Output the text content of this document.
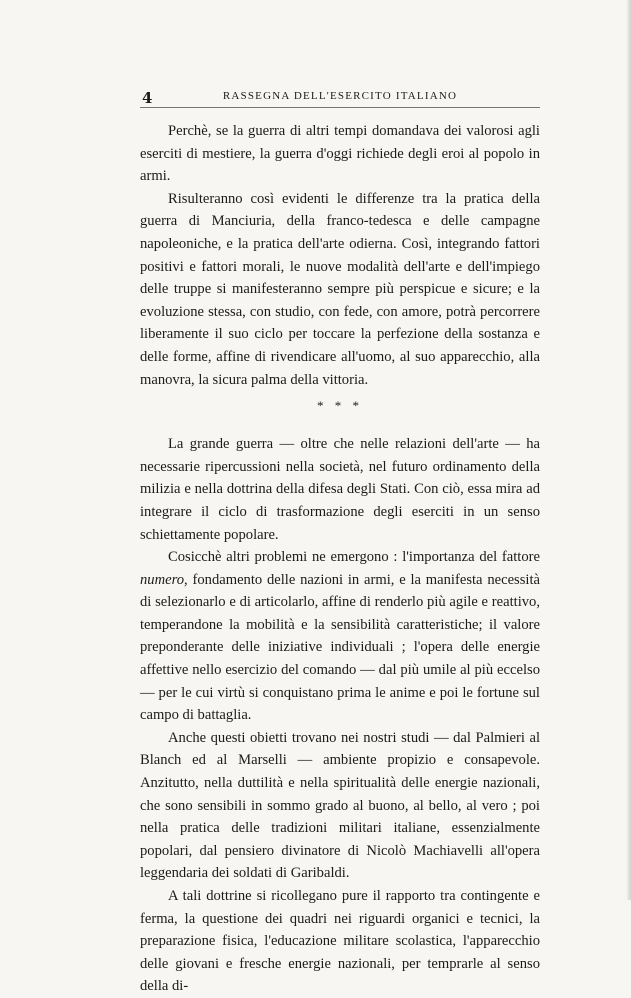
4	RASSEGNA DELL'ESERCITO ITALIANO

Perchè, se la guerra di altri tempi domandava dei valorosi agli eserciti di mestiere, la guerra d'oggi richiede degli eroi al popolo in armi.

Risulteranno così evidenti le differenze tra la pratica della guerra di Manciuria, della franco-tedesca e delle campagne napoleoniche, e la pratica dell'arte odierna. Così, integrando fattori positivi e fattori morali, le nuove modalità dell'arte e dell'impiego delle truppe si manifesteranno sempre più perspicue e sicure; e la evoluzione stessa, con studio, con fede, con amore, potrà percorrere liberamente il suo ciclo per toccare la perfezione della sostanza e delle forme, affine di rivendicare all'uomo, al suo apparecchio, alla manovra, la sicura palma della vittoria.

* * *

La grande guerra — oltre che nelle relazioni dell'arte — ha necessarie ripercussioni nella società, nel futuro ordinamento della milizia e nella dottrina della difesa degli Stati. Con ciò, essa mira ad integrare il ciclo di trasformazione degli eserciti in un senso schiettamente popolare.

Cosicchè altri problemi ne emergono : l'importanza del fattore numero, fondamento delle nazioni in armi, e la manifesta necessità di selezionarlo e di articolarlo, affine di renderlo più agile e reattivo, temperandone la mobilità e la sensibilità caratteristiche; il valore preponderante delle iniziative individuali ; l'opera delle energie affettive nello esercizio del comando — dal più umile al più eccelso — per le cui virtù si conquistano prima le anime e poi le fortune sul campo di battaglia.

Anche questi obietti trovano nei nostri studi — dal Palmieri al Blanch ed al Marselli — ambiente propizio e consapevole. Anzitutto, nella duttilità e nella spiritualità delle energie nazionali, che sono sensibili in sommo grado al buono, al bello, al vero ; poi nella pratica delle tradizioni militari italiane, essenzialmente popolari, dal pensiero divinatore di Nicolò Machiavelli all'opera leggendaria dei soldati di Garibaldi.

A tali dottrine si ricollegano pure il rapporto tra contingente e ferma, la questione dei quadri nei riguardi organici e tecnici, la preparazione fisica, l'educazione militare scolastica, l'apparecchio delle giovani e fresche energie nazionali, per temprarle al senso della di-
